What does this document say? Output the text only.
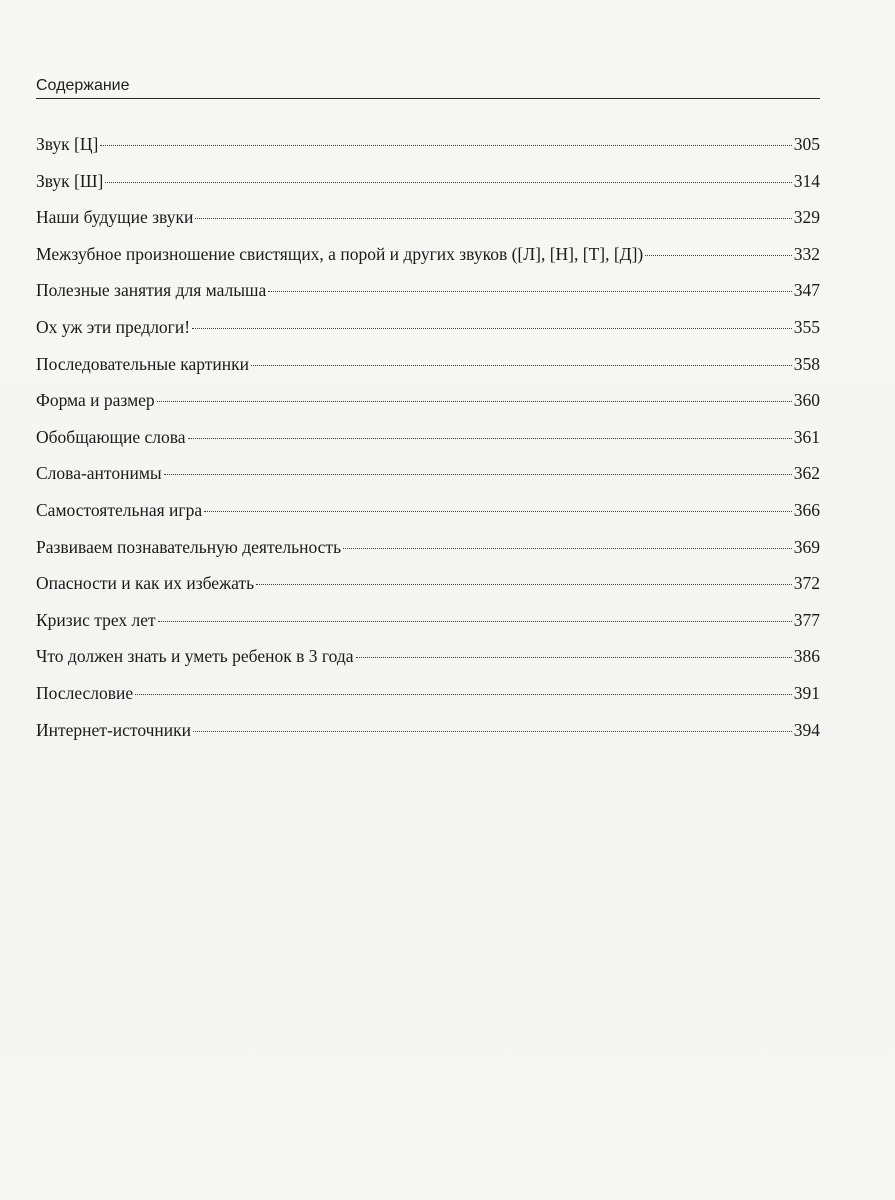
Содержание
Звук [Ц]	305
Звук [Ш]	314
Наши будущие звуки	329
Межзубное произношение свистящих, а порой и других звуков ([Л], [Н], [Т], [Д])	332
Полезные занятия для малыша	347
Ох уж эти предлоги!	355
Последовательные картинки	358
Форма и размер	360
Обобщающие слова	361
Слова-антонимы	362
Самостоятельная игра	366
Развиваем познавательную деятельность	369
Опасности и как их избежать	372
Кризис трех лет	377
Что должен знать и уметь ребенок в 3 года	386
Послесловие	391
Интернет-источники	394
